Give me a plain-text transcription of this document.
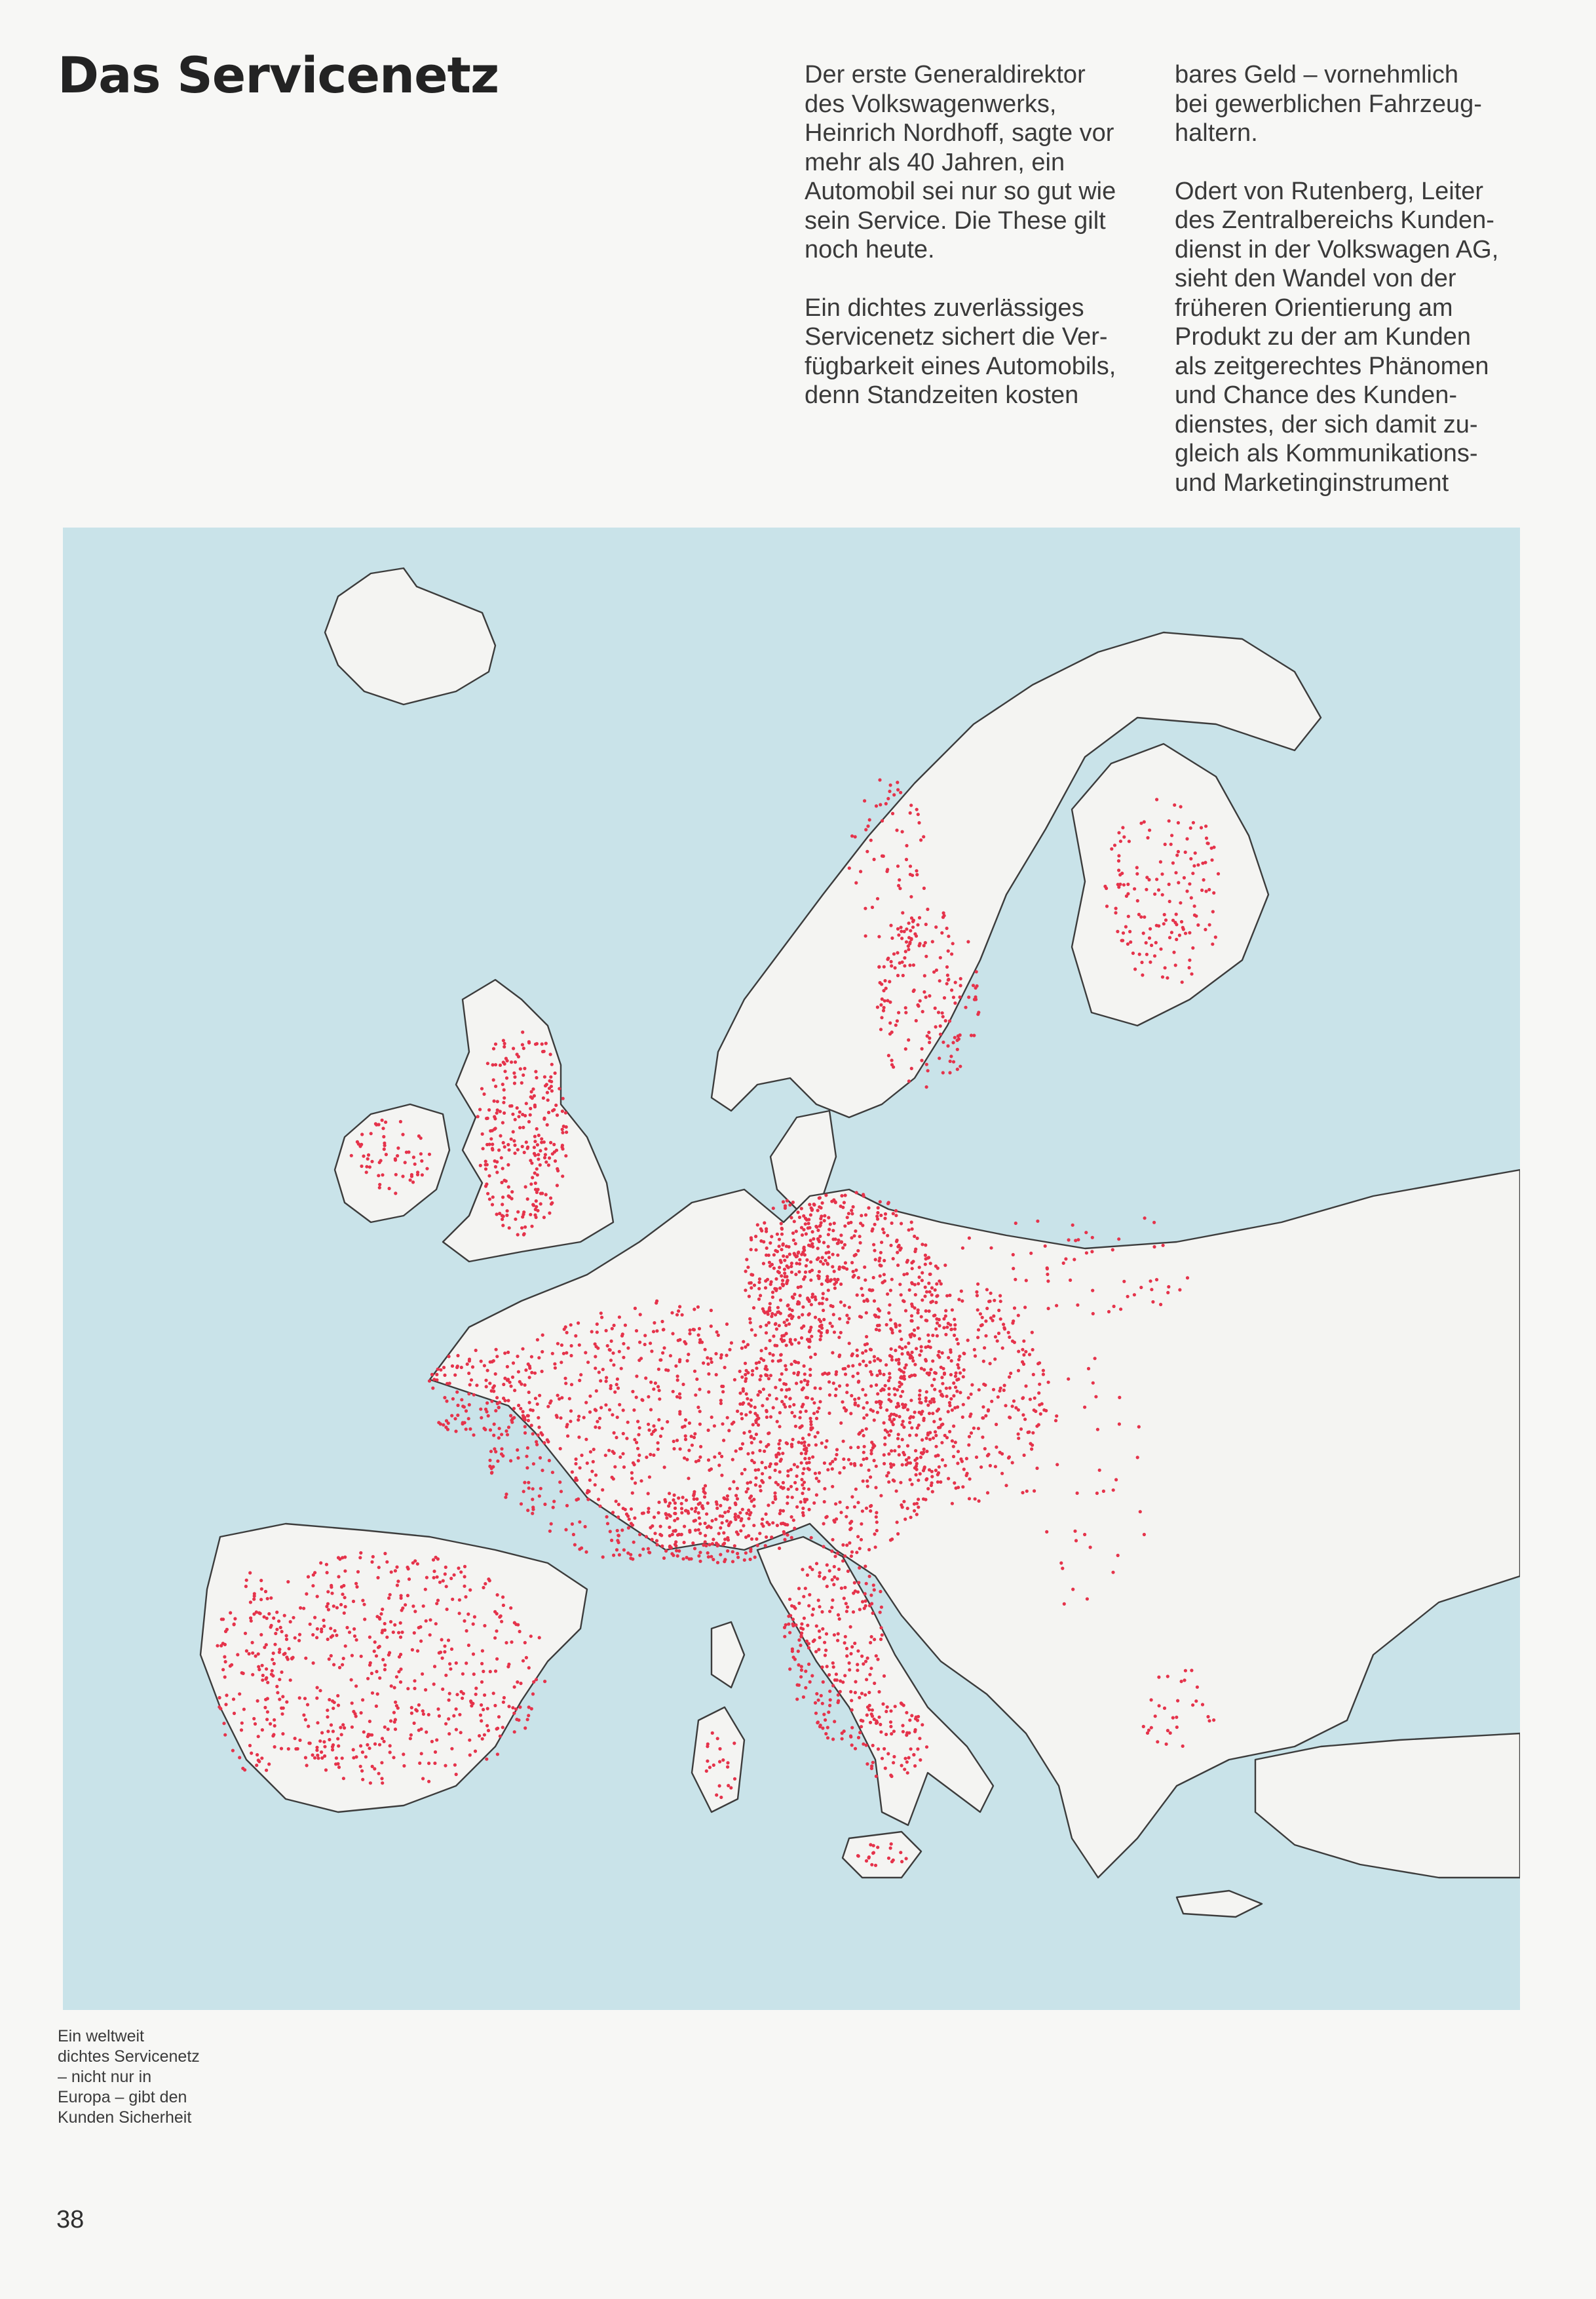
Das Servicenetz	Der erste Generaldirektor
des Volkswagenwerks,
Heinrich Nordhoff, sagte vor
mehr als 40 Jahren, ein
Automobil sei nur so gut wie
sein Service. Die These gilt
noch heute.

Ein dichtes zuverlässiges
Servicenetz sichert die Ver-
fügbarkeit eines Automobils,
denn Standzeiten kosten

bares Geld – vornehmlich
bei gewerblichen Fahrzeug-
haltern.

Odert von Rutenberg, Leiter
des Zentralbereichs Kunden-
dienst in der Volkswagen AG,
sieht den Wandel von der
früheren Orientierung am
Produkt zu der am Kunden
als zeitgerechtes Phänomen
und Chance des Kunden-
dienstes, der sich damit zu-
gleich als Kommunikations-
und Marketinginstrument

Ein weltweit
dichtes Servicenetz
– nicht nur in
Europa – gibt den
Kunden Sicherheit
38
